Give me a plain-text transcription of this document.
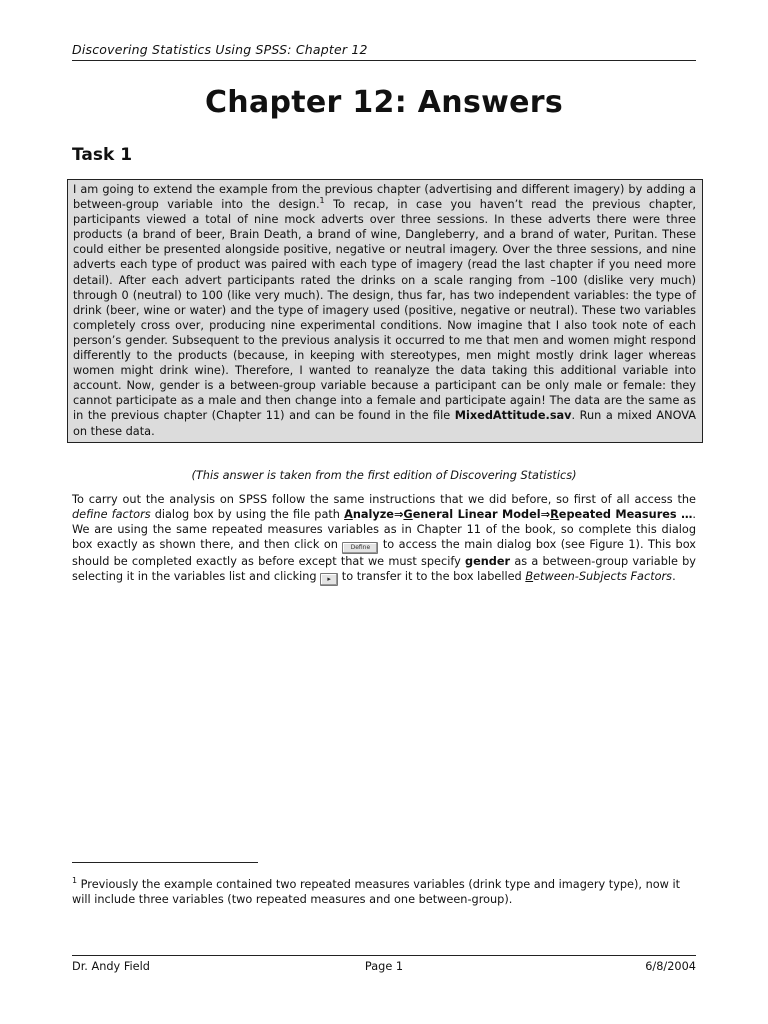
Discovering Statistics Using SPSS: Chapter 12
Chapter 12: Answers
Task 1
I am going to extend the example from the previous chapter (advertising and different imagery) by adding a between-group variable into the design.$^1$ To recap, in case you haven’t read the previous chapter, participants viewed a total of nine mock adverts over three sessions. In these adverts there were three products (a brand of beer, Brain Death, a brand of wine, Dangleberry, and a brand of water, Puritan. These could either be presented alongside positive, negative or neutral imagery. Over the three sessions, and nine adverts each type of product was paired with each type of imagery (read the last chapter if you need more detail). After each advert participants rated the drinks on a scale ranging from –100 (dislike very much) through 0 (neutral) to 100 (like very much). The design, thus far, has two independent variables: the type of drink (beer, wine or water) and the type of imagery used (positive, negative or neutral). These two variables completely cross over, producing nine experimental conditions. Now imagine that I also took note of each person’s gender. Subsequent to the previous analysis it occurred to me that men and women might respond differently to the products (because, in keeping with stereotypes, men might mostly drink lager whereas women might drink wine). Therefore, I wanted to reanalyze the data taking this additional variable into account. Now, gender is a between-group variable because a participant can be only male or female: they cannot participate as a male and then change into a female and participate again! The data are the same as in the previous chapter (Chapter 11) and can be found in the file MixedAttitude.sav. Run a mixed ANOVA on these data.
(This answer is taken from the first edition of Discovering Statistics)

To carry out the analysis on SPSS follow the same instructions that we did before, so first of all access the define factors dialog box by using the file path Analyze⇒General Linear Model⇒Repeated Measures …. We are using the same repeated measures variables as in Chapter 11 of the book, so complete this dialog box exactly as shown there, and then click on Define to access the main dialog box (see Figure 1). This box should be completed exactly as before except that we must specify gender as a between-group variable by selecting it in the variables list and clicking ▸ to transfer it to the box labelled Between-Subjects Factors.

$^1$ Previously the example contained two repeated measures variables (drink type and imagery type), now it will include three variables (two repeated measures and one between-group).

Dr. Andy Field	Page 1	6/8/2004
